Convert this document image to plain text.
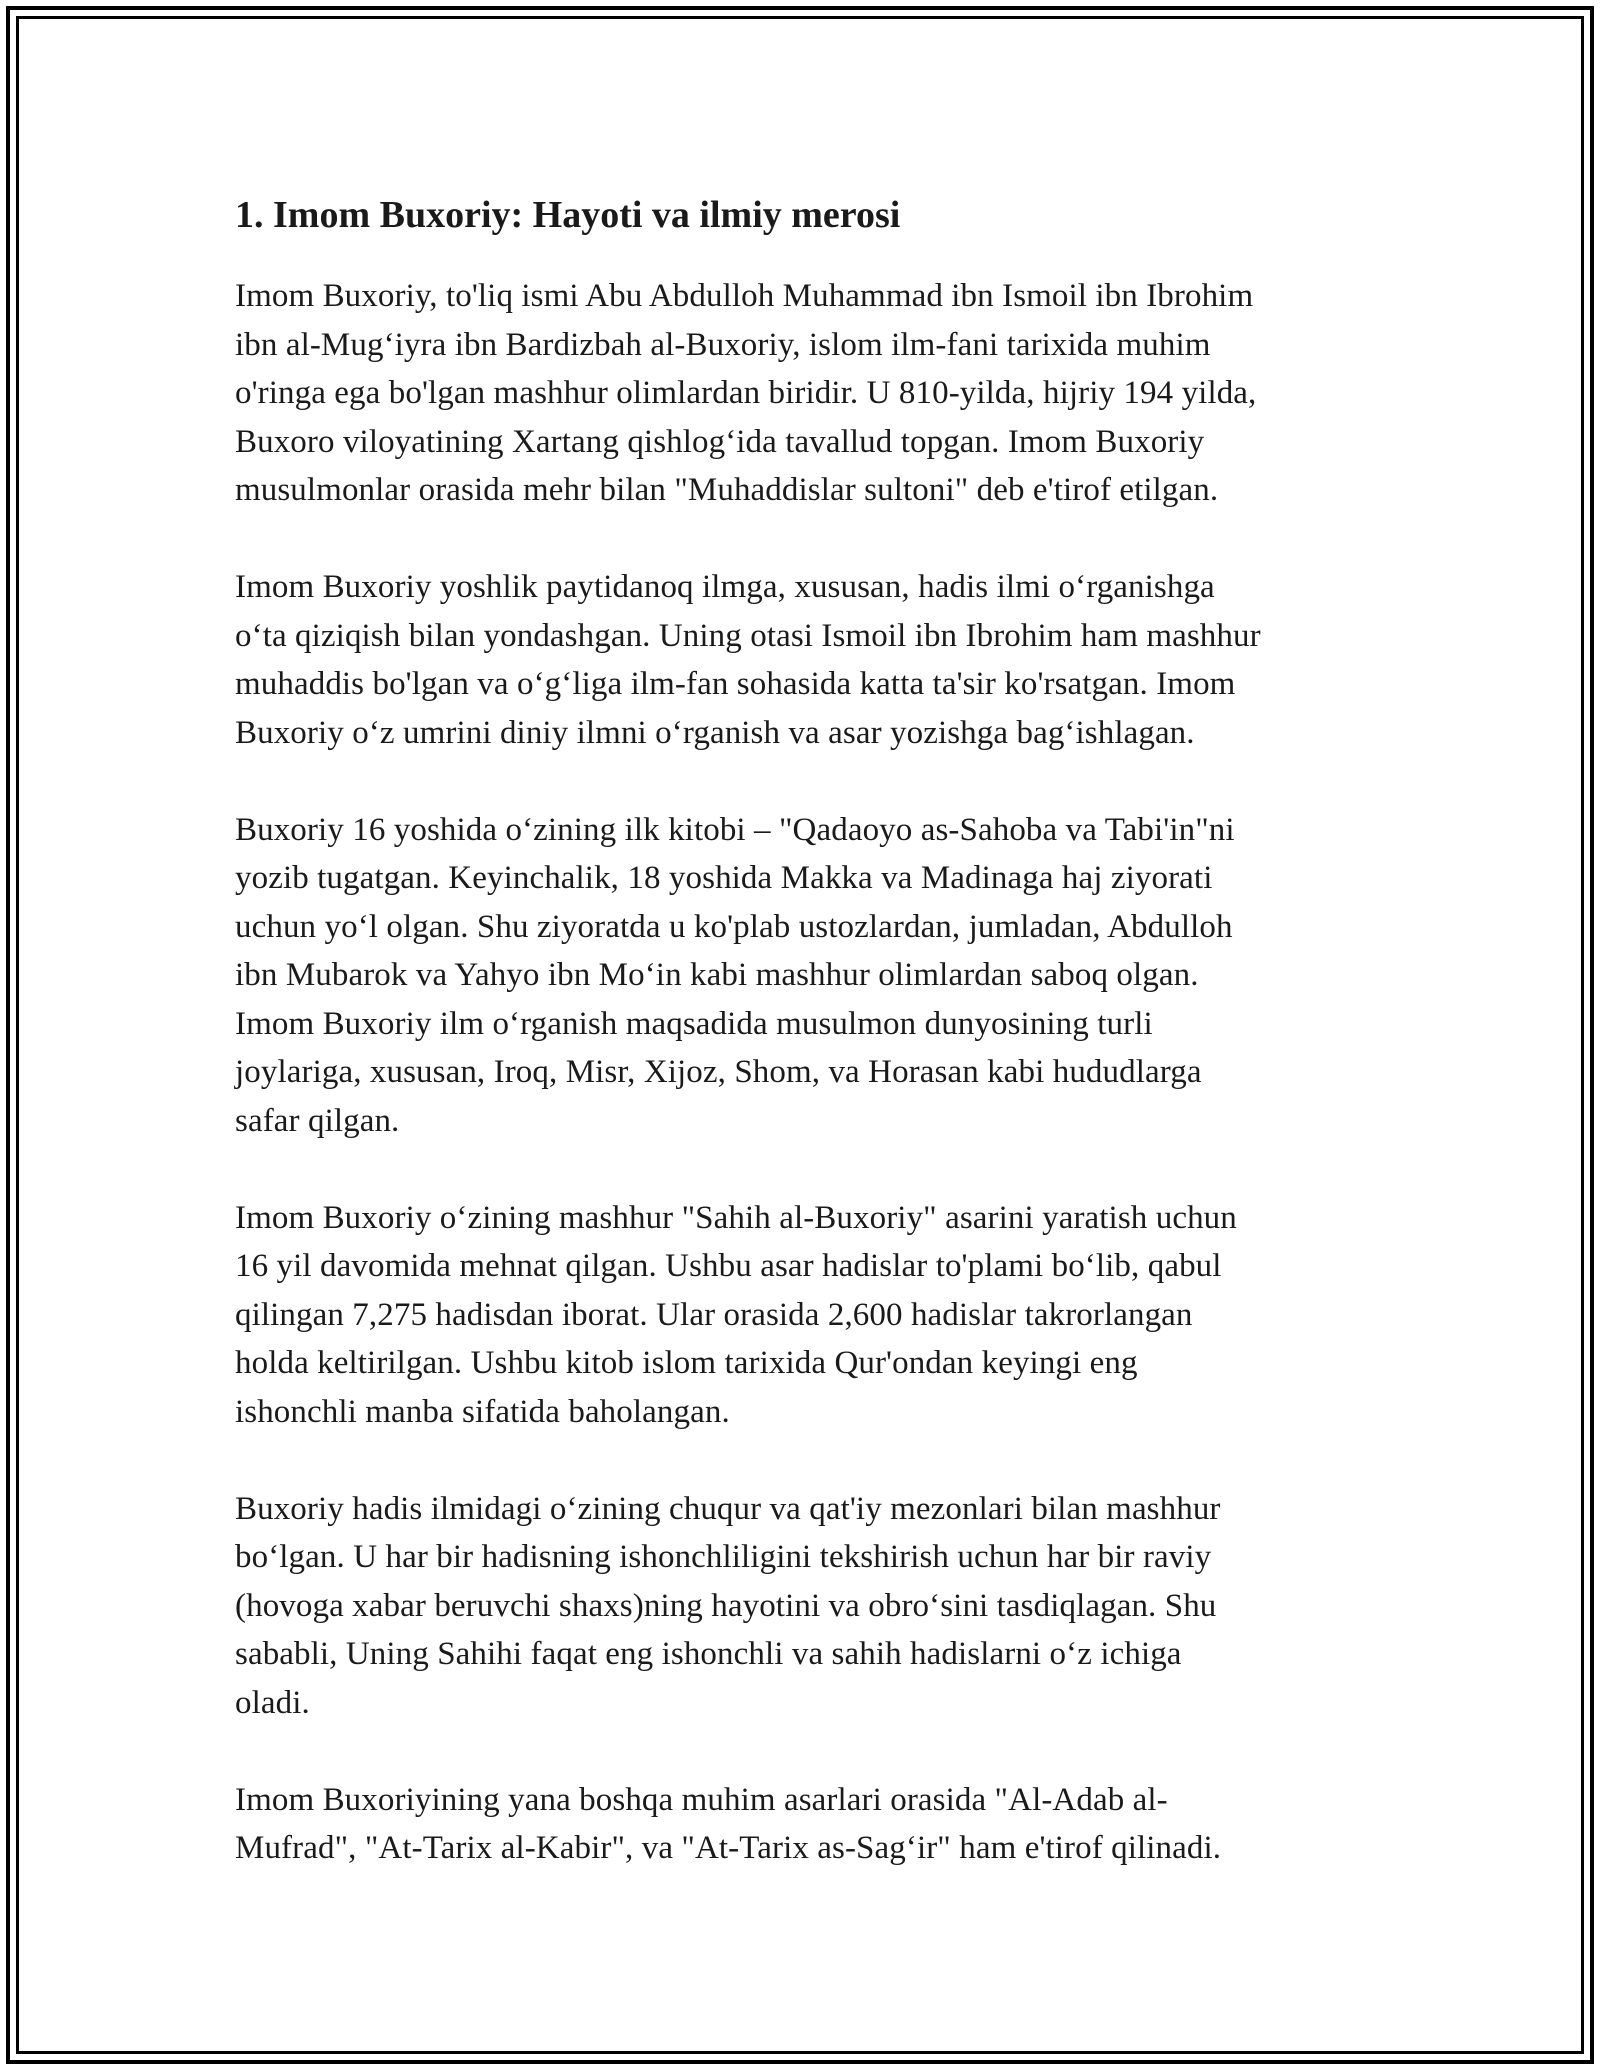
1. Imom Buxoriy: Hayoti va ilmiy merosi

Imom Buxoriy, to'liq ismi Abu Abdulloh Muhammad ibn Ismoil ibn Ibrohim
ibn al-Mug‘iyra ibn Bardizbah al-Buxoriy, islom ilm-fani tarixida muhim
o'ringa ega bo'lgan mashhur olimlardan biridir. U 810-yilda, hijriy 194 yilda,
Buxoro viloyatining Xartang qishlog‘ida tavallud topgan. Imom Buxoriy
musulmonlar orasida mehr bilan "Muhaddislar sultoni" deb e'tirof etilgan.

Imom Buxoriy yoshlik paytidanoq ilmga, xususan, hadis ilmi o‘rganishga
o‘ta qiziqish bilan yondashgan. Uning otasi Ismoil ibn Ibrohim ham mashhur
muhaddis bo'lgan va o‘g‘liga ilm-fan sohasida katta ta'sir ko'rsatgan. Imom
Buxoriy o‘z umrini diniy ilmni o‘rganish va asar yozishga bag‘ishlagan.

Buxoriy 16 yoshida o‘zining ilk kitobi – "Qadaoyo as-Sahoba va Tabi'in"ni
yozib tugatgan. Keyinchalik, 18 yoshida Makka va Madinaga haj ziyorati
uchun yo‘l olgan. Shu ziyoratda u ko'plab ustozlardan, jumladan, Abdulloh
ibn Mubarok va Yahyo ibn Mo‘in kabi mashhur olimlardan saboq olgan.
Imom Buxoriy ilm o‘rganish maqsadida musulmon dunyosining turli
joylariga, xususan, Iroq, Misr, Xijoz, Shom, va Horasan kabi hududlarga
safar qilgan.

Imom Buxoriy o‘zining mashhur "Sahih al-Buxoriy" asarini yaratish uchun
16 yil davomida mehnat qilgan. Ushbu asar hadislar to'plami bo‘lib, qabul
qilingan 7,275 hadisdan iborat. Ular orasida 2,600 hadislar takrorlangan
holda keltirilgan. Ushbu kitob islom tarixida Qur'ondan keyingi eng
ishonchli manba sifatida baholangan.

Buxoriy hadis ilmidagi o‘zining chuqur va qat'iy mezonlari bilan mashhur
bo‘lgan. U har bir hadisning ishonchliligini tekshirish uchun har bir raviy
(hovoga xabar beruvchi shaxs)ning hayotini va obro‘sini tasdiqlagan. Shu
sababli, Uning Sahihi faqat eng ishonchli va sahih hadislarni o‘z ichiga
oladi.

Imom Buxoriyining yana boshqa muhim asarlari orasida "Al-Adab al-
Mufrad", "At-Tarix al-Kabir", va "At-Tarix as-Sag‘ir" ham e'tirof qilinadi.
